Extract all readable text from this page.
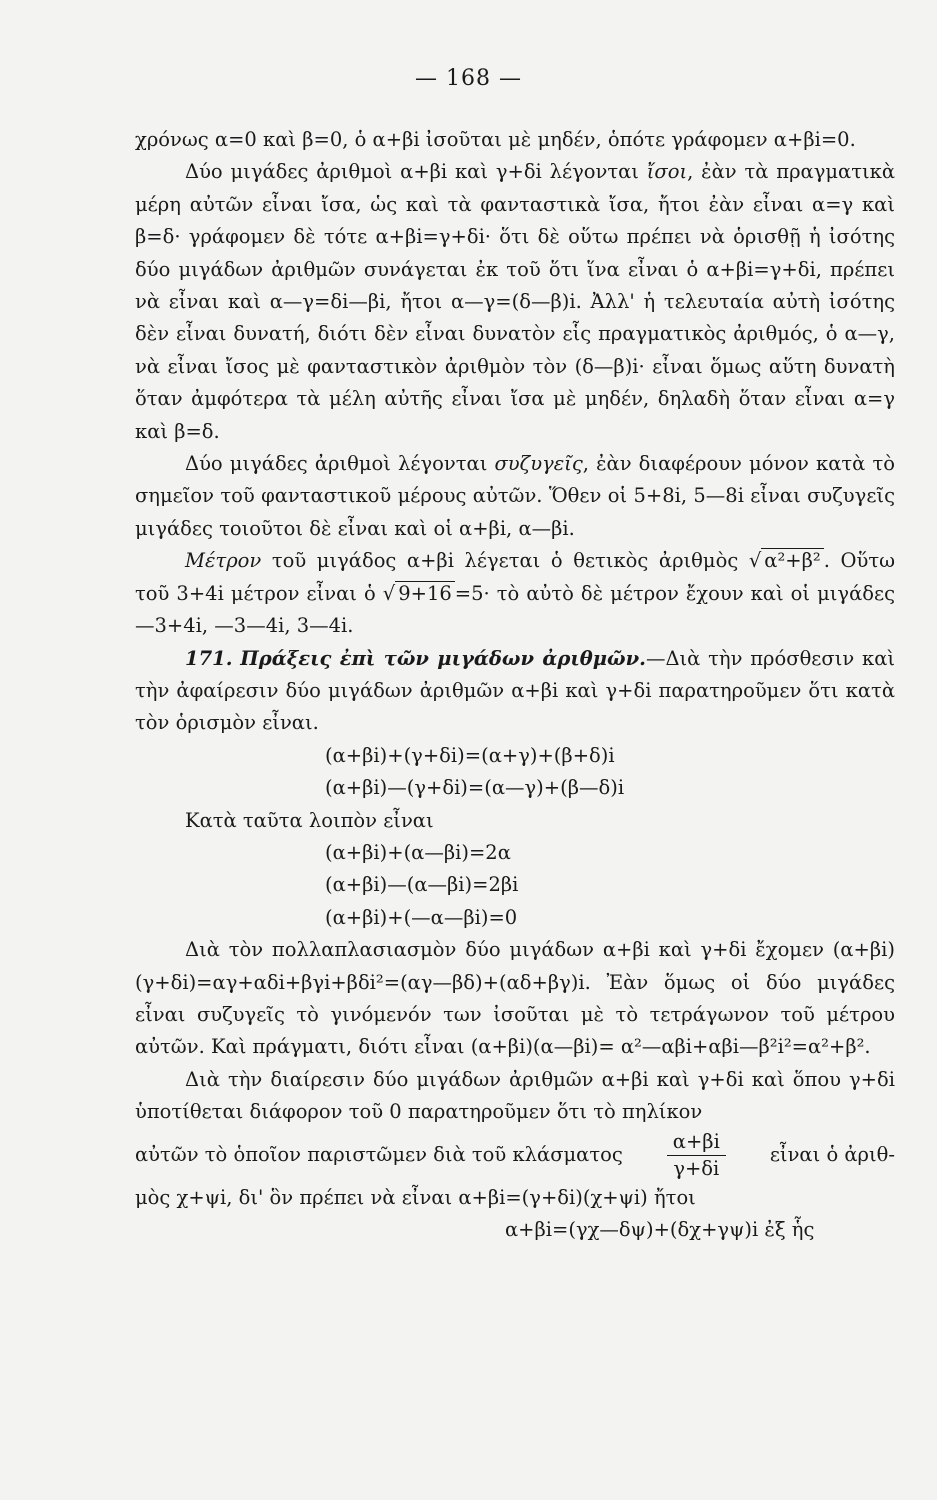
— 168 —

χρόνως α=0 καὶ β=0, ὁ α+βi ἰσοῦται μὲ μηδέν, ὁπότε γράφομεν α+βi=0.

Δύο μιγάδες ἀριθμοὶ α+βi καὶ γ+δi λέγονται ἴσοι, ἐὰν τὰ πραγματικὰ μέρη αὐτῶν εἶναι ἴσα, ὡς καὶ τὰ φανταστικὰ ἴσα, ἤτοι ἐὰν εἶναι α=γ καὶ β=δ· γράφομεν δὲ τότε α+βi=γ+δi· ὅτι δὲ οὕτω πρέπει νὰ ὁρισθῇ ἡ ἰσότης δύο μιγάδων ἀριθμῶν συνάγεται ἐκ τοῦ ὅτι ἵνα εἶναι ὁ α+βi=γ+δi, πρέπει νὰ εἶναι καὶ α—γ=δi—βi, ἤτοι α—γ=(δ—β)i. Ἀλλ' ἡ τελευταία αὐτὴ ἰσότης δὲν εἶναι δυνατή, διότι δὲν εἶναι δυνατὸν εἷς πραγματικὸς ἀριθμός, ὁ α—γ, νὰ εἶναι ἴσος μὲ φανταστικὸν ἀριθμὸν τὸν (δ—β)i· εἶναι ὅμως αὕτη δυνατὴ ὅταν ἀμφότερα τὰ μέλη αὐτῆς εἶναι ἴσα μὲ μηδέν, δηλαδὴ ὅταν εἶναι α=γ καὶ β=δ.

Δύο μιγάδες ἀριθμοὶ λέγονται συζυγεῖς, ἐὰν διαφέρουν μόνον κατὰ τὸ σημεῖον τοῦ φανταστικοῦ μέρους αὐτῶν. Ὅθεν οἱ 5+8i, 5—8i εἶναι συζυγεῖς μιγάδες τοιοῦτοι δὲ εἶναι καὶ οἱ α+βi, α—βi.

Μέτρον τοῦ μιγάδος α+βi λέγεται ὁ θετικὸς ἀριθμὸς √ α²+β² . Οὕτω τοῦ 3+4i μέτρον εἶναι ὁ √ 9+16 =5· τὸ αὐτὸ δὲ μέτρον ἔχουν καὶ οἱ μιγάδες —3+4i, —3—4i, 3—4i.

171. Πράξεις ἐπὶ τῶν μιγάδων ἀριθμῶν.—Διὰ τὴν πρόσθεσιν καὶ τὴν ἀφαίρεσιν δύο μιγάδων ἀριθμῶν α+βi καὶ γ+δi παρατηροῦμεν ὅτι κατὰ τὸν ὁρισμὸν εἶναι.

(α+βi)+(γ+δi)=(α+γ)+(β+δ)i
(α+βi)—(γ+δi)=(α—γ)+(β—δ)i

Κατὰ ταῦτα λοιπὸν εἶναι

(α+βi)+(α—βi)=2α
(α+βi)—(α—βi)=2βi
(α+βi)+(—α—βi)=0

Διὰ τὸν πολλαπλασιασμὸν δύο μιγάδων α+βi καὶ γ+δi ἔχομεν (α+βi)(γ+δi)=αγ+αδi+βγi+βδi²=(αγ—βδ)+(αδ+βγ)i. Ἐὰν ὅμως οἱ δύο μιγάδες εἶναι συζυγεῖς τὸ γινόμενόν των ἰσοῦται μὲ τὸ τετράγωνον τοῦ μέτρου αὐτῶν. Καὶ πράγματι, διότι εἶναι (α+βi)(α—βi)= α²—αβi+αβi—β²i²=α²+β².

Διὰ τὴν διαίρεσιν δύο μιγάδων ἀριθμῶν α+βi καὶ γ+δi καὶ ὅπου γ+δi ὑποτίθεται διάφορον τοῦ 0 παρατηροῦμεν ὅτι τὸ πηλίκον

αὐτῶν τὸ ὁποῖον παριστῶμεν διὰ τοῦ κλάσματος $\frac{\alpha+\beta i}{\gamma+\delta i}$ εἶναι ὁ ἀριθ-

μὸς χ+ψi, δι' ὃν πρέπει νὰ εἶναι α+βi=(γ+δi)(χ+ψi) ἤτοι

α+βi=(γχ—δψ)+(δχ+γψ)i ἐξ ἧς
